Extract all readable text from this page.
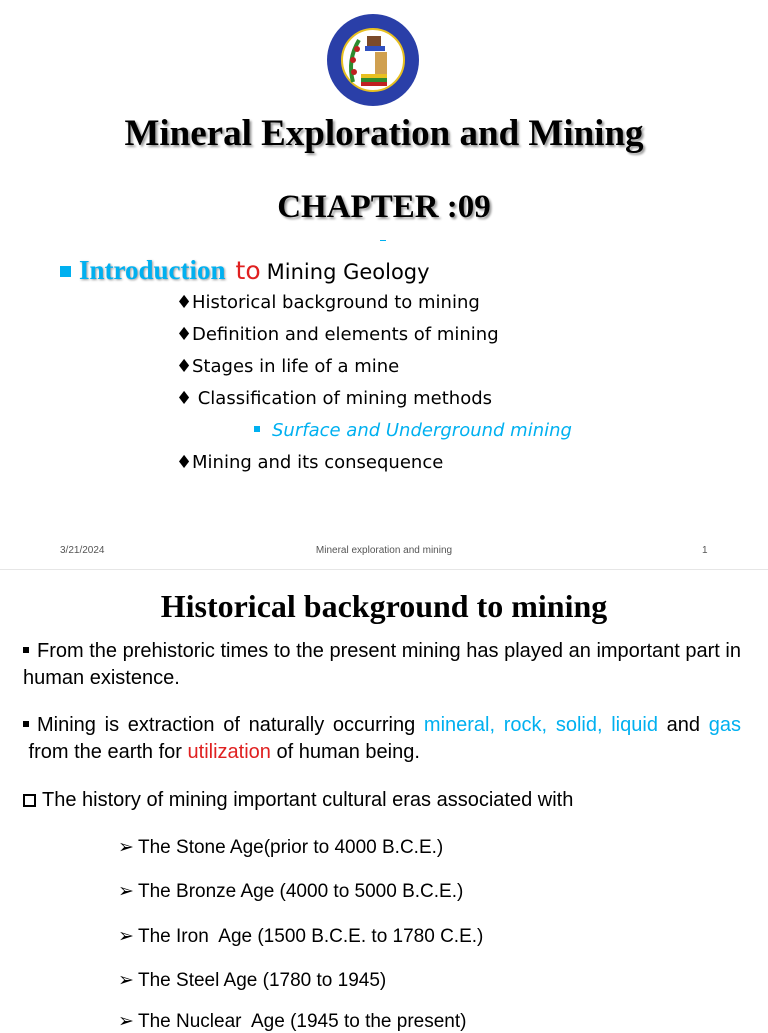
Mineral Exploration and Mining
CHAPTER :09
Introduction to Mining Geology
♦Historical background to mining
♦Definition and elements of mining
♦Stages in life of a mine
♦ Classification of mining methods
Surface and Underground mining
♦Mining and its consequence
3/21/2024	Mineral exploration and mining	1
Historical background to mining
From the prehistoric times to the present mining has played an important part in human existence.
Mining is extraction of naturally occurring mineral, rock, solid, liquid and gas from the earth for utilization of human being.
The history of mining important cultural eras associated with
➢ The Stone Age(prior to 4000 B.C.E.)
➢ The Bronze Age (4000 to 5000 B.C.E.)
➢ The Iron  Age (1500 B.C.E. to 1780 C.E.)
➢ The Steel Age (1780 to 1945)
➢ The Nuclear  Age (1945 to the present)
